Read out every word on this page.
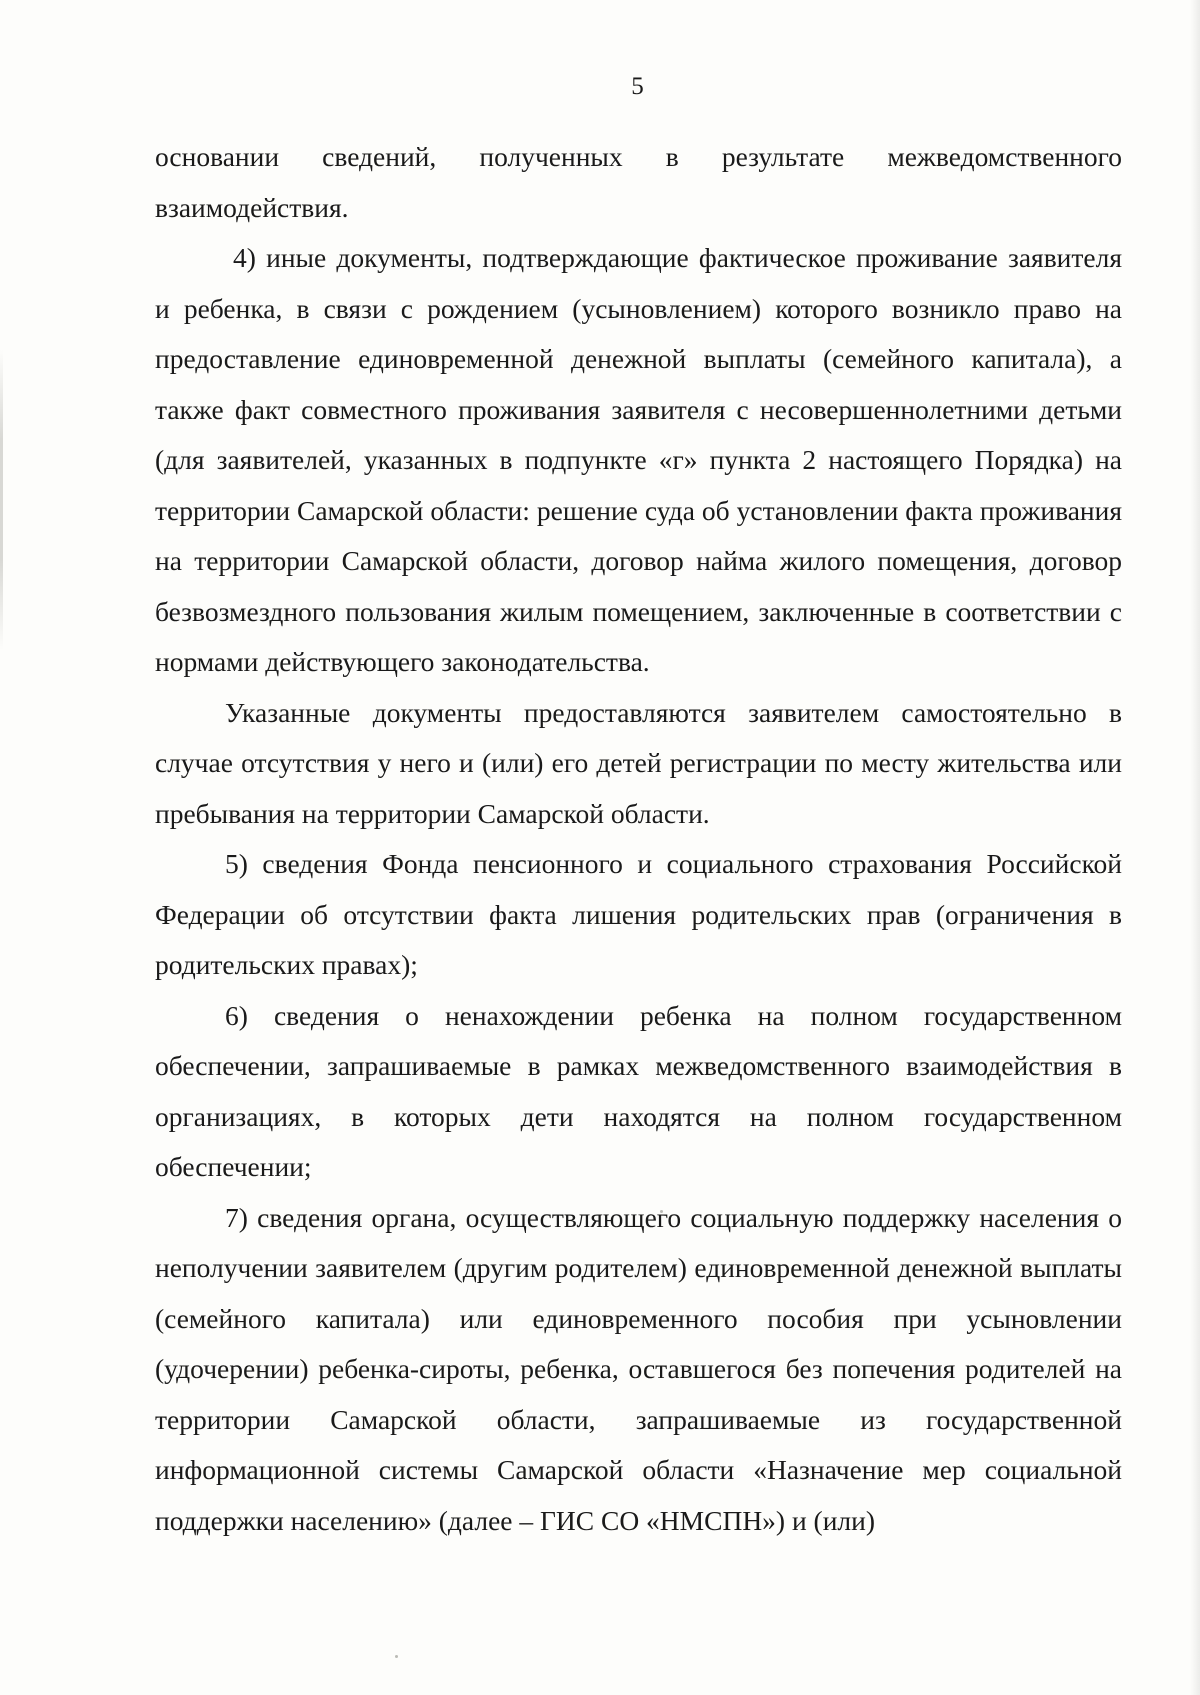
5

основании сведений, полученных в результате межведомственного взаимодействия.

4) иные документы, подтверждающие фактическое проживание заявителя и ребенка, в связи с рождением (усыновлением) которого возникло право на предоставление единовременной денежной выплаты (семейного капитала), а также факт совместного проживания заявителя с несовершеннолетними детьми (для заявителей, указанных в подпункте «г» пункта 2 настоящего Порядка) на территории Самарской области: решение суда об установлении факта проживания на территории Самарской области, договор найма жилого помещения, договор безвозмездного пользования жилым помещением, заключенные в соответствии с нормами действующего законодательства.

Указанные документы предоставляются заявителем самостоятельно в случае отсутствия у него и (или) его детей регистрации по месту жительства или пребывания на территории Самарской области.

5) сведения Фонда пенсионного и социального страхования Российской Федерации об отсутствии факта лишения родительских прав (ограничения в родительских правах);

6) сведения о ненахождении ребенка на полном государственном обеспечении, запрашиваемые в рамках межведомственного взаимодействия в организациях, в которых дети находятся на полном государственном обеспечении;

7) сведения органа, осуществляющего социальную поддержку населения о неполучении заявителем (другим родителем) единовременной денежной выплаты (семейного капитала) или единовременного пособия при усыновлении (удочерении) ребенка-сироты, ребенка, оставшегося без попечения родителей на территории Самарской области, запрашиваемые из государственной информационной системы Самарской области «Назначение мер социальной поддержки населению» (далее – ГИС СО «НМСПН») и (или)
